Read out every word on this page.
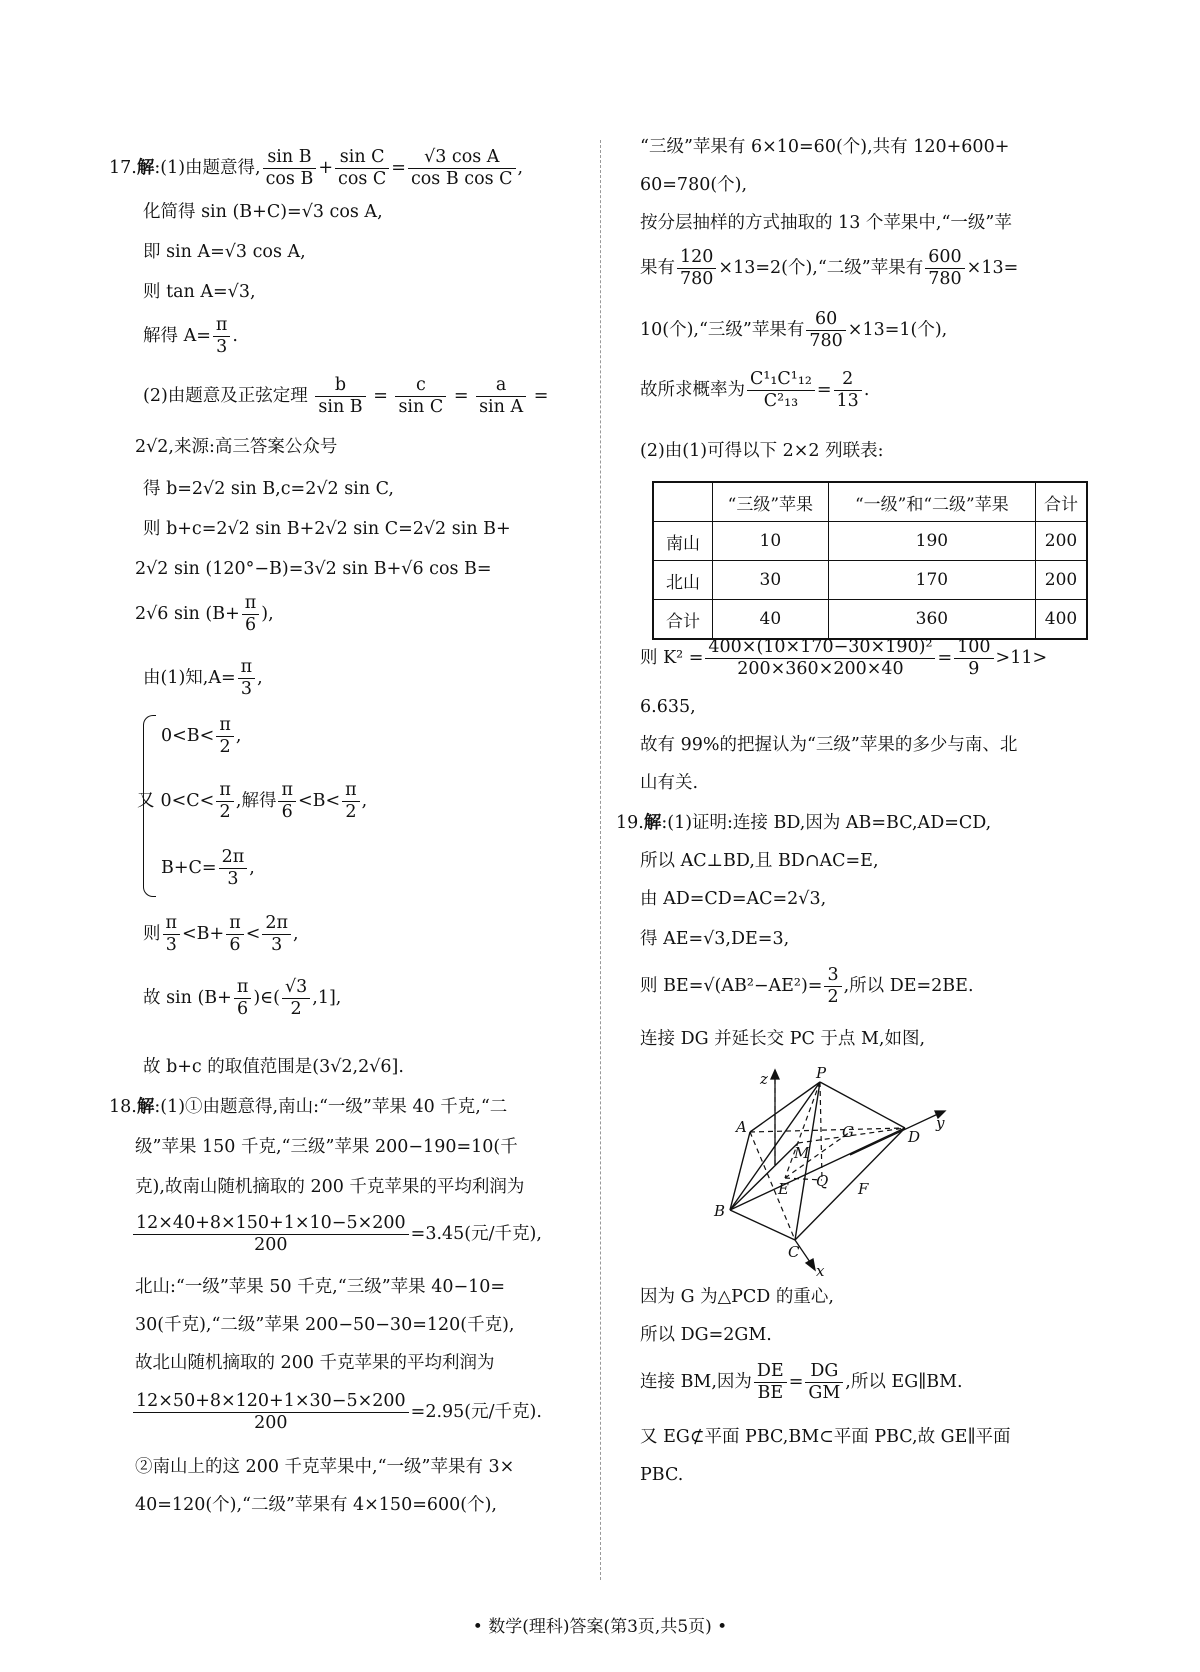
17.解:(1)由题意得, $\frac{\text{sin B}}{\text{cos B}} + \frac{\text{sin C}}{\text{cos C}} = \frac{\text{√3 cos A}}{\text{cos B cos C}}$ ,
化简得 sin (B+C)=√3 cos A,
即 sin A=√3 cos A,
则 tan A=√3,
解得 $A= \frac{\pi}{3}$ .
(2)由题意及正弦定理 $\frac{b}{\text{sin B}} = \frac{c}{\text{sin C}} = \frac{a}{\text{sin A}}$ =
2√2,来源:高三答案公众号
得 b=2√2 sin B,c=2√2 sin C,
则 b+c=2√2 sin B+2√2 sin C=2√2 sin B+
2√2 sin (120°−B)=3√2 sin B+√6 cos B=
2√6 $\sin (B+ \frac{\pi}{6}$ ),
由(1)知$,A= \frac{\pi}{3}$ ,
$0<B< \frac{\pi}{2}$ ,
又 $0<C< \frac{\pi}{2}$ ,解得 $\frac{\pi}{6} <B< \frac{\pi}{2}$ ,
$B+C= \frac{2\pi}{3}$ ,
则 $\frac{\pi}{3} <B+ \frac{\pi}{6} < \frac{2\pi}{3}$ ,
故 $\sin (B+ \frac{\pi}{6}$ )∈( $\frac{√3}{2} ,1$],
故 b+c 的取值范围是(3√2,2√6].
18.解:(1)①由题意得,南山:“一级”苹果 40 千克,“二
级”苹果 150 千克,“三级”苹果 200−190=10(千
克),故南山随机摘取的 200 千克苹果的平均利润为
$\frac{12\times 40+8\times 150+1\times 10-5\times 200}{200} =3.45$(元/千克),
北山:“一级”苹果 50 千克,“三级”苹果 40−10=
30(千克),“二级”苹果 200−50−30=120(千克),
故北山随机摘取的 200 千克苹果的平均利润为
$\frac{12\times 50+8\times 120+1\times 30-5\times 200}{200} =2.95$(元/千克).
②南山上的这 200 千克苹果中,“一级”苹果有 3×
40=120(个),“二级”苹果有 4×150=600(个),
“三级”苹果有 6×10=60(个),共有 120+600+
60=780(个),
按分层抽样的方式抽取的 13 个苹果中,“一级”苹
果有 $\frac{120}{780} \times 13=2$(个),“二级”苹果有 $\frac{600}{780} \times 13=$
10(个),“三级”苹果有 $\frac{60}{780} \times 13=1$(个),
故所求概率为 $\frac{\text{C¹₁C¹₁₂}}{\text{C²₁₃}} = \frac{2}{13}$ .
(2)由(1)可得以下 2×2 列联表:
	“三级”苹果	“一级”和“二级”苹果	合计
南山	10	190	200
北山	30	170	200
合计	40	360	400
则 $K^2 = \frac{\text{400×(10×170−30×190)²}}{200\times 360\times 200\times 40} = \frac{100}{9} >11>$
6.635,
故有 99%的把握认为“三级”苹果的多少与南、北
山有关.
19.解:(1)证明:连接 BD,因为 AB=BC,AD=CD,
所以 AC⊥BD,且 BD∩AC=E,
由 AD=CD=AC=2√3,
得 AE=√3,DE=3,
则 $BE=√(AB^2-AE^2)= \frac{3}{2}$ ,所以 DE=2BE.
连接 DG 并延长交 PC 于点 M,如图,
P
A
B
C
D
E	F
G
M
Q
x
y
z
因为 G 为△PCD 的重心,
所以 DG=2GM.
连接 BM,因为 $\frac{DE}{BE} = \frac{DG}{GM}$ ,所以 EG∥BM.
又 EG⊄平面 PBC,BM⊂平面 PBC,故 GE∥平面
PBC.
• 数学(理科)答案(第3页,共5页) •
